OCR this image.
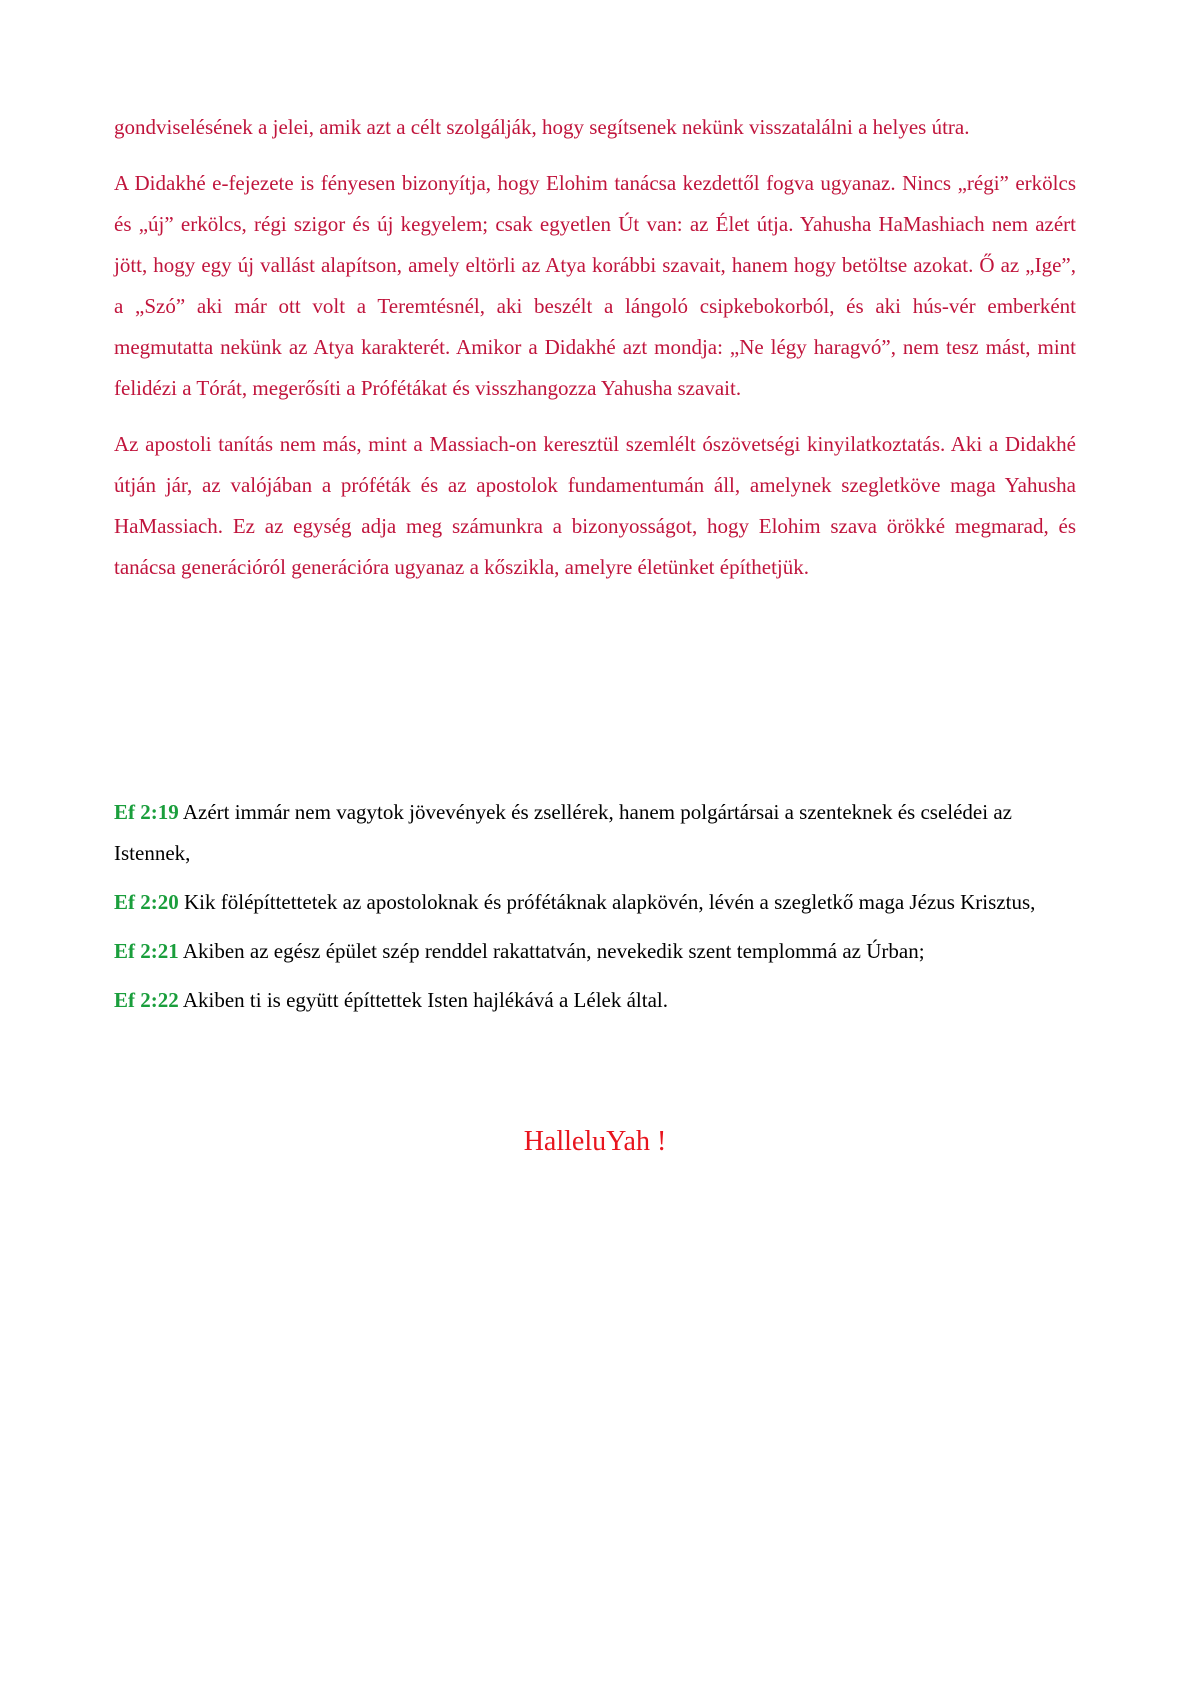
gondviselésének a jelei, amik azt a célt szolgálják, hogy segítsenek nekünk visszatalálni a helyes útra.

A Didakhé e-fejezete is fényesen bizonyítja, hogy Elohim tanácsa kezdettől fogva ugyanaz. Nincs „régi” erkölcs és „új” erkölcs, régi szigor és új kegyelem; csak egyetlen Út van: az Élet útja. Yahusha HaMashiach nem azért jött, hogy egy új vallást alapítson, amely eltörli az Atya korábbi szavait, hanem hogy betöltse azokat. Ő az „Ige”, a „Szó” aki már ott volt a Teremtésnél, aki beszélt a lángoló csipkebokorból, és aki hús-vér emberként megmutatta nekünk az Atya karakterét. Amikor a Didakhé azt mondja: „Ne légy haragvó”, nem tesz mást, mint felidézi a Tórát, megerősíti a Prófétákat és visszhangozza Yahusha szavait.

Az apostoli tanítás nem más, mint a Massiach-on keresztül szemlélt ószövetségi kinyilatkoztatás. Aki a Didakhé útján jár, az valójában a próféták és az apostolok fundamentumán áll, amelynek szegletköve maga Yahusha HaMassiach. Ez az egység adja meg számunkra a bizonyosságot, hogy Elohim szava örökké megmarad, és tanácsa generációról generációra ugyanaz a kőszikla, amelyre életünket építhetjük.

Ef 2:19 Azért immár nem vagytok jövevények és zsellérek, hanem polgártársai a szenteknek és cselédei az Istennek,
Ef 2:20 Kik fölépíttettetek az apostoloknak és prófétáknak alapkövén, lévén a szegletkő maga Jézus Krisztus,
Ef 2:21 Akiben az egész épület szép renddel rakattatván, nevekedik szent templommá az Úrban;
Ef 2:22 Akiben ti is együtt építtettek Isten hajlékává a Lélek által.
HalleluYah !
